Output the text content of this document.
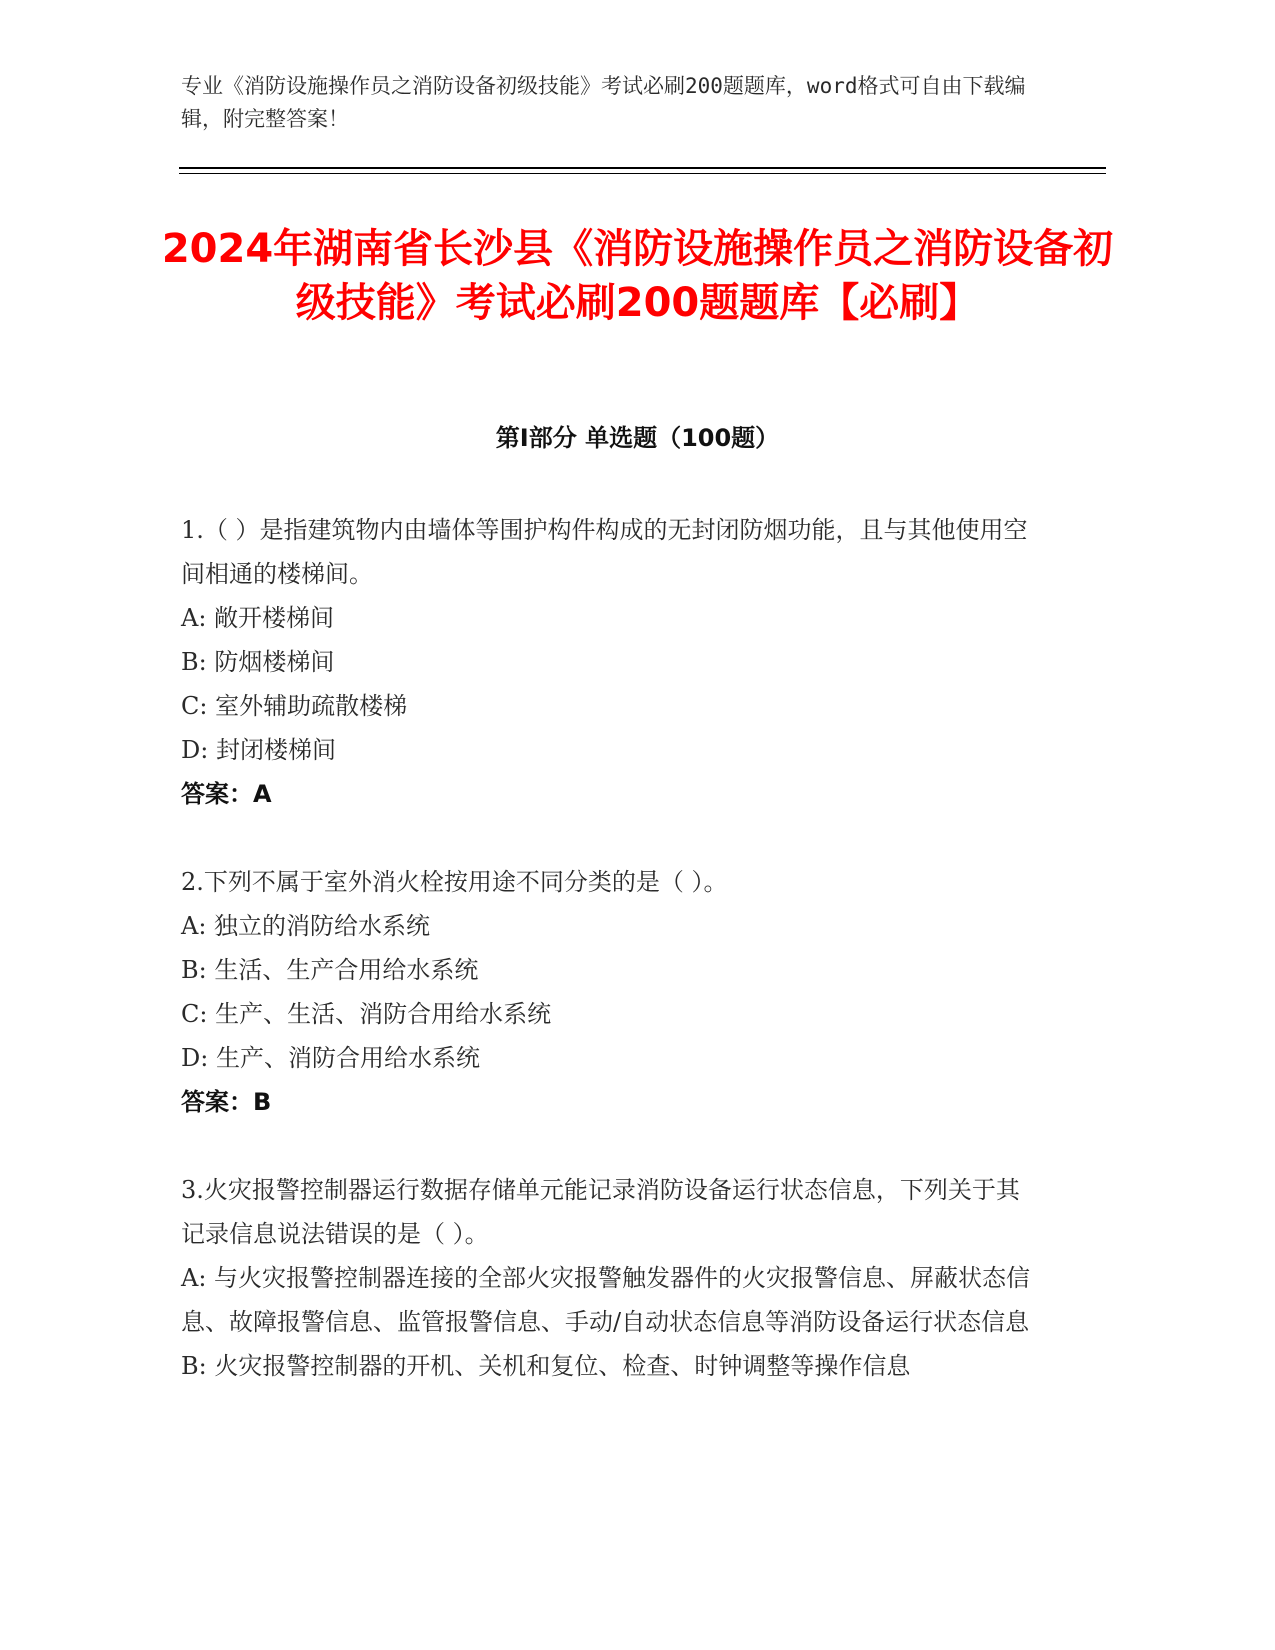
专业《消防设施操作员之消防设备初级技能》考试必刷200题题库，word格式可自由下载编辑，附完整答案！
2024年湖南省长沙县《消防设施操作员之消防设备初级技能》考试必刷200题题库【必刷】
第I部分 单选题（100题）

1.（ ）是指建筑物内由墙体等围护构件构成的无封闭防烟功能，且与其他使用空间相通的楼梯间。

A: 敞开楼梯间

B: 防烟楼梯间

C: 室外辅助疏散楼梯

D: 封闭楼梯间

答案：A

2.下列不属于室外消火栓按用途不同分类的是（ ）。

A: 独立的消防给水系统

B: 生活、生产合用给水系统

C: 生产、生活、消防合用给水系统

D: 生产、消防合用给水系统

答案：B

3.火灾报警控制器运行数据存储单元能记录消防设备运行状态信息，下列关于其记录信息说法错误的是（ ）。

A: 与火灾报警控制器连接的全部火灾报警触发器件的火灾报警信息、屏蔽状态信息、故障报警信息、监管报警信息、手动/自动状态信息等消防设备运行状态信息

B: 火灾报警控制器的开机、关机和复位、检查、时钟调整等操作信息
